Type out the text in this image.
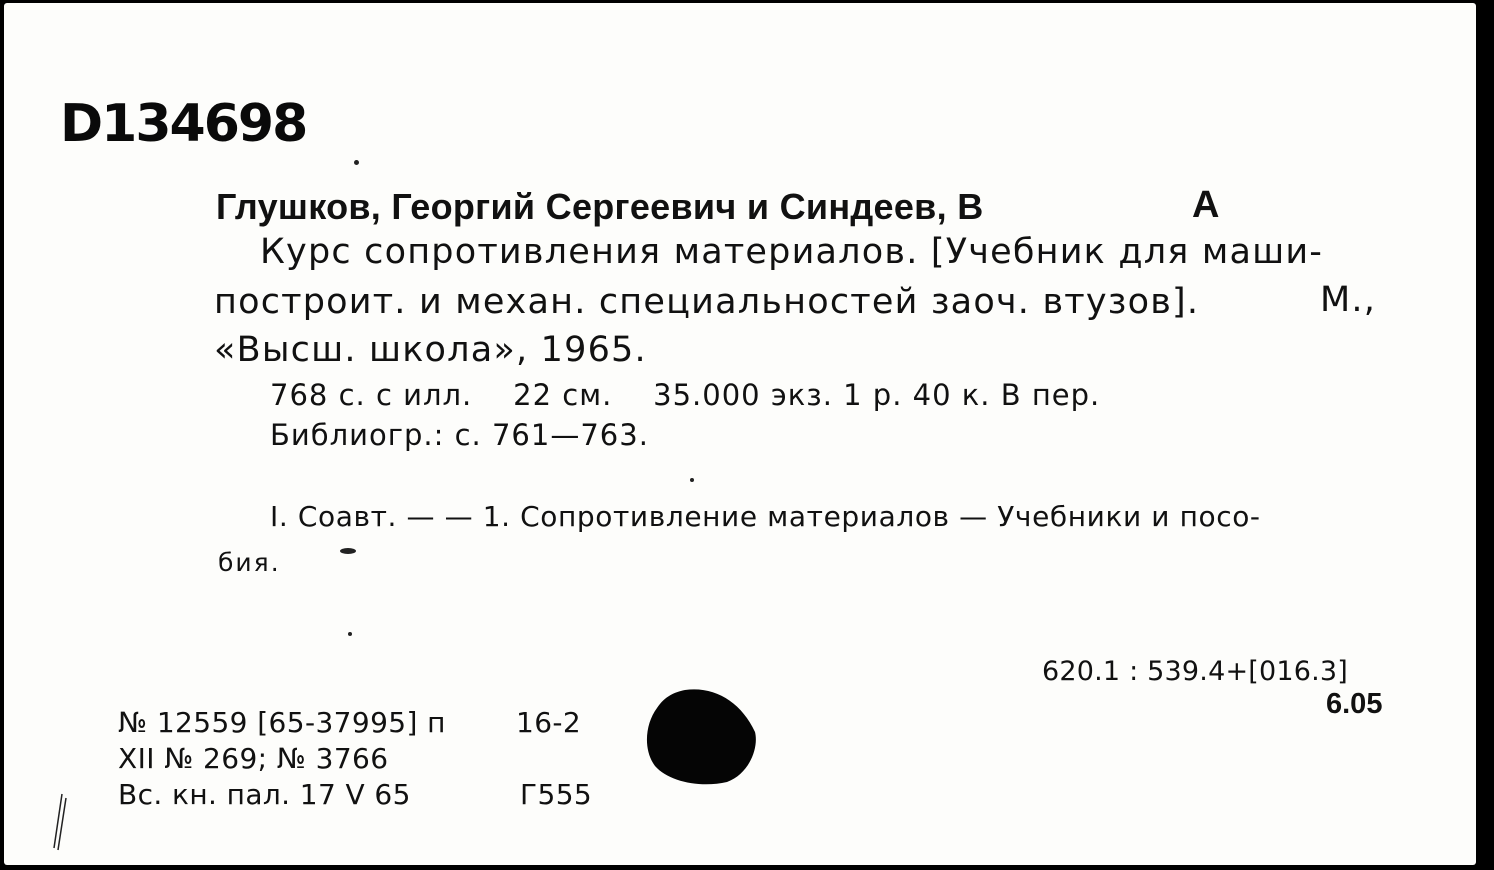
D134698
Глушков, Георгий Сергеевич и Синдеев, В	А
Курс сопротивления материалов. [Учебник для маши-
построит. и механ. специальностей заоч. втузов].	М.,
«Высш. школа», 1965.
768 с. с илл.    22 см.    35.000 экз. 1 р. 40 к. В пер.
Библиогр.: с. 761—763.
I. Соавт. — — 1. Сопротивление материалов — Учебники и посо-
бия.
620.1 : 539.4+[016.3]
6.05
№ 12559 [65-37995] п	16-2
XII № 269; № 3766
Вс. кн. пал. 17 V 65	Г555
